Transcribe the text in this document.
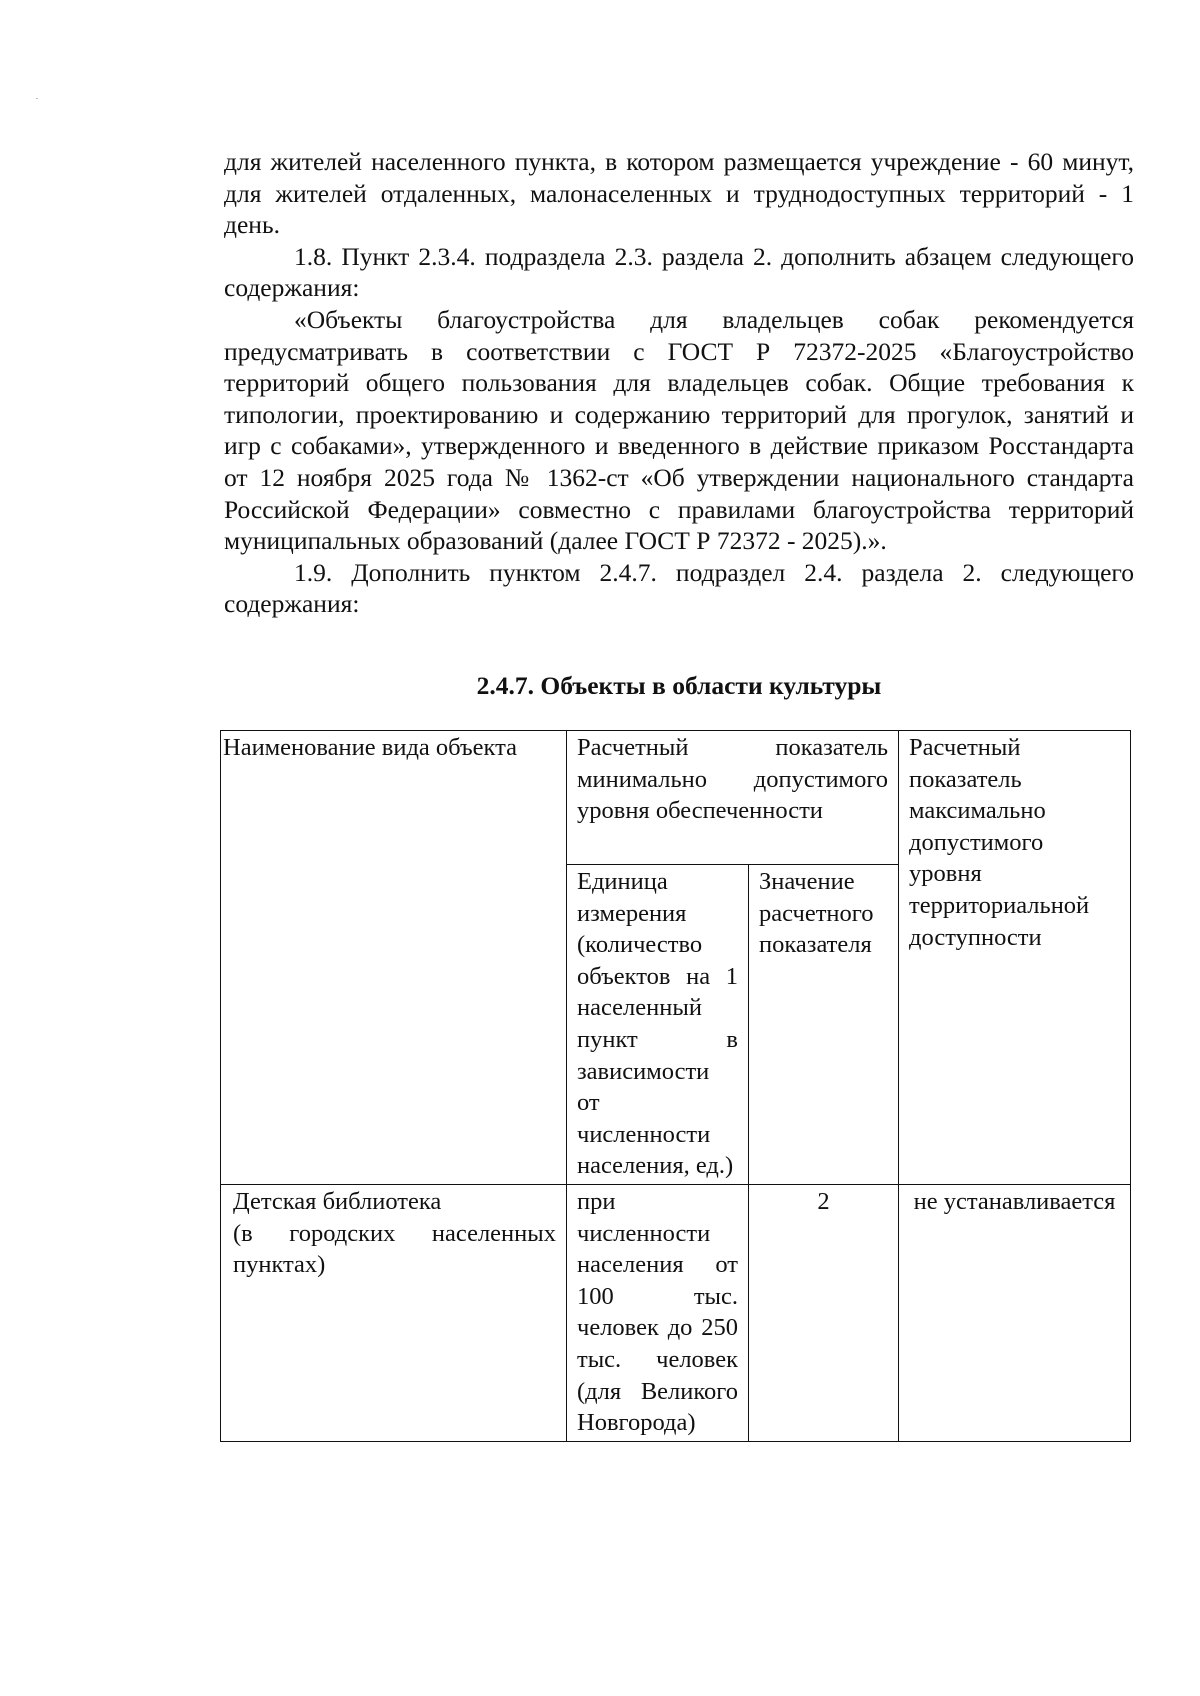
для жителей населенного пункта, в котором размещается учреждение - 60 минут, для жителей отдаленных, малонаселенных и труднодоступных территорий - 1 день.

1.8. Пункт 2.3.4. подраздела 2.3. раздела 2. дополнить абзацем следующего содержания:

«Объекты благоустройства для владельцев собак рекомендуется предусматривать в соответствии с ГОСТ Р 72372-2025 «Благоустройство территорий общего пользования для владельцев собак. Общие требования к типологии, проектированию и содержанию территорий для прогулок, занятий и игр с собаками», утвержденного и введенного в действие приказом Росстандарта от 12 ноября 2025 года № 1362-ст «Об утверждении национального стандарта Российской Федерации» совместно с правилами благоустройства территорий муниципальных образований (далее ГОСТ Р 72372 - 2025).».

1.9. Дополнить пунктом 2.4.7. подраздел 2.4. раздела 2. следующего содержания:

2.4.7. Объекты в области культуры
Наименование вида объекта	Расчетный показатель минимально допустимого уровня обеспеченности		Расчетный показатель максимально допустимого уровня территориальной доступности
	Единица измерения (количество объектов на 1 населенный пункт в зависимости от численности населения, ед.)	Значение расчетного показателя	

Детская библиотека
(в городских населенных пунктах)	при численности населения от 100 тыс. человек до 250 тыс. человек (для Великого Новгорода)	2	не устанавливается
